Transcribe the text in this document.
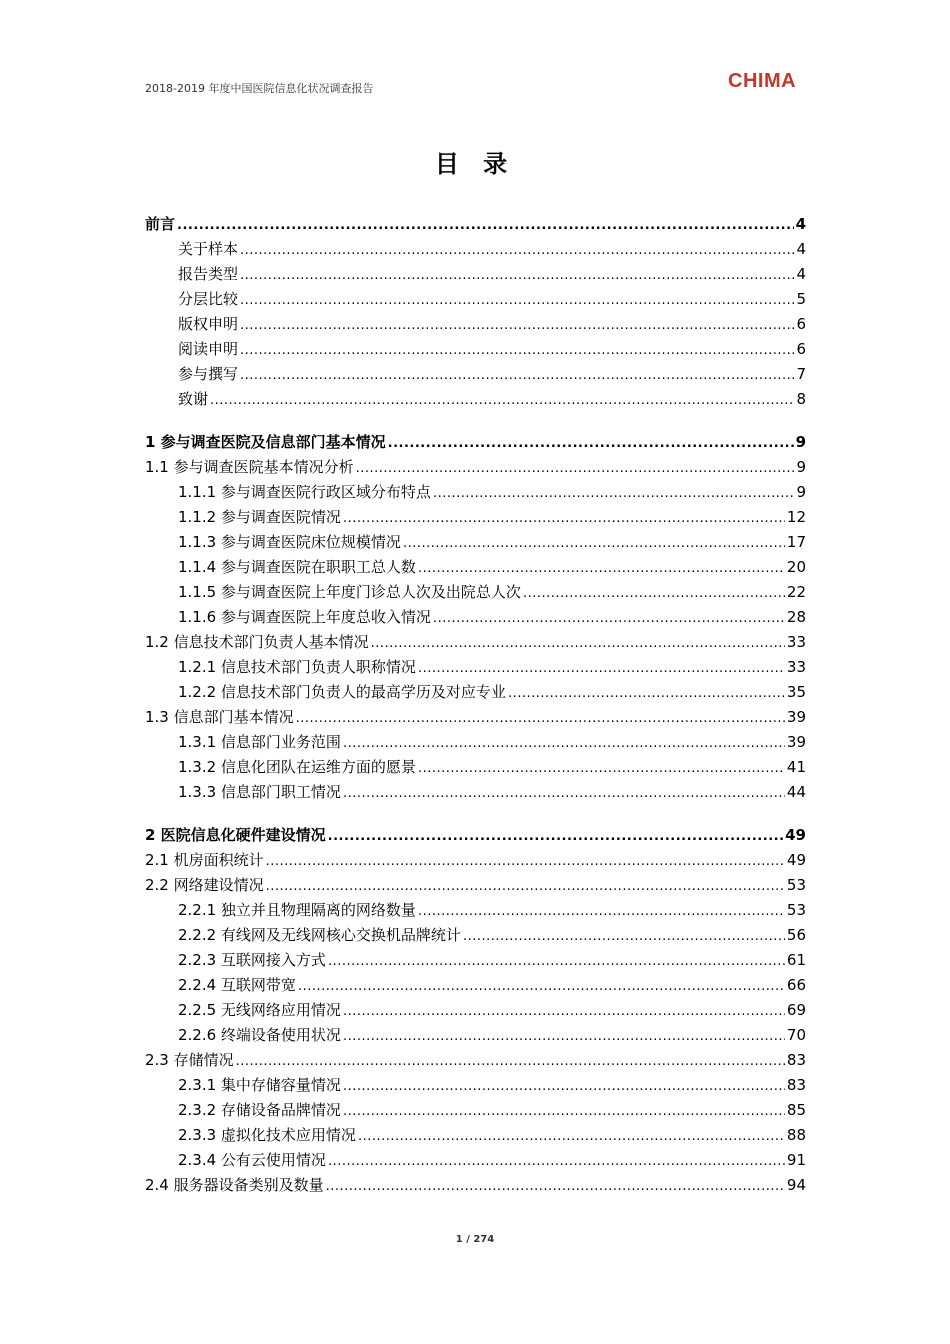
2018-2019 年度中国医院信息化状况调查报告	CHIMA
目 录
前言 .....	4
关于样本 .....	4
报告类型 .....	4
分层比较 .....	5
版权申明 .....	6
阅读申明 .....	6
参与撰写 .....	7
致谢 .....	8
1 参与调查医院及信息部门基本情况 .....	9
1.1 参与调查医院基本情况分析 .....	9
1.1.1 参与调查医院行政区域分布特点 .....	9
1.1.2 参与调查医院情况 .....	12
1.1.3 参与调查医院床位规模情况 .....	17
1.1.4 参与调查医院在职职工总人数 .....	20
1.1.5 参与调查医院上年度门诊总人次及出院总人次 .....	22
1.1.6 参与调查医院上年度总收入情况 .....	28
1.2 信息技术部门负责人基本情况 .....	33
1.2.1 信息技术部门负责人职称情况 .....	33
1.2.2 信息技术部门负责人的最高学历及对应专业 .....	35
1.3 信息部门基本情况 .....	39
1.3.1 信息部门业务范围 .....	39
1.3.2 信息化团队在运维方面的愿景 .....	41
1.3.3 信息部门职工情况 .....	44
2 医院信息化硬件建设情况 .....	49
2.1 机房面积统计 .....	49
2.2 网络建设情况 .....	53
2.2.1 独立并且物理隔离的网络数量 .....	53
2.2.2 有线网及无线网核心交换机品牌统计 .....	56
2.2.3 互联网接入方式 .....	61
2.2.4 互联网带宽 .....	66
2.2.5 无线网络应用情况 .....	69
2.2.6 终端设备使用状况 .....	70
2.3 存储情况 .....	83
2.3.1 集中存储容量情况 .....	83
2.3.2 存储设备品牌情况 .....	85
2.3.3 虚拟化技术应用情况 .....	88
2.3.4 公有云使用情况 .....	91
2.4 服务器设备类别及数量 .....	94
1 / 274
